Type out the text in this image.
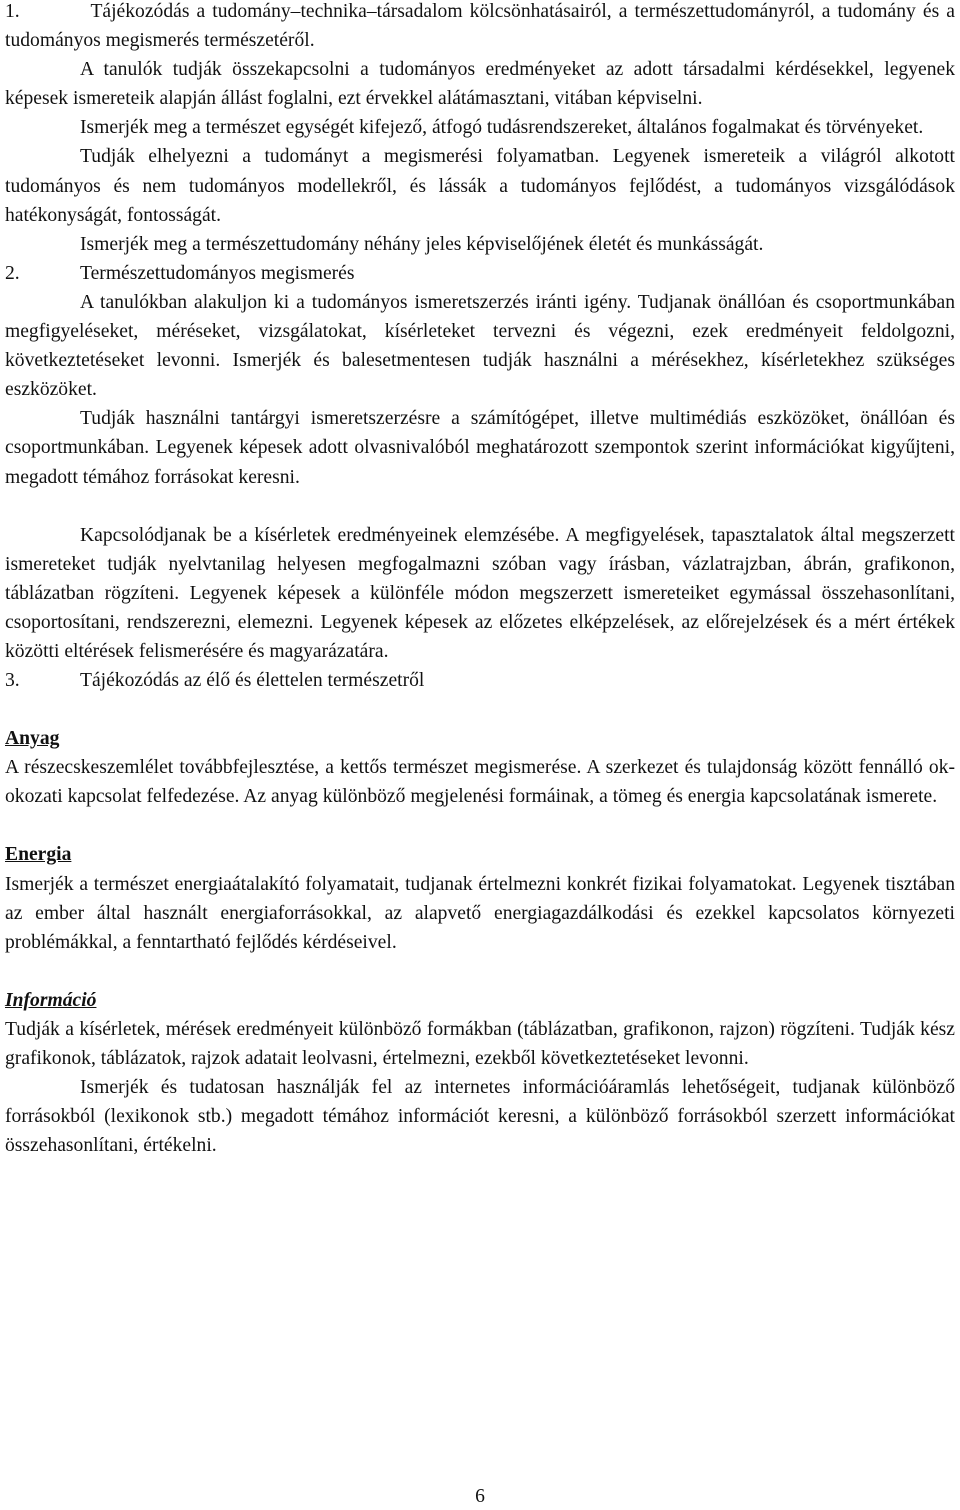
1.	Tájékozódás a tudomány–technika–társadalom kölcsönhatásairól, a természettudományról, a tudomány és a tudományos megismerés természetéről.

A tanulók tudják összekapcsolni a tudományos eredményeket az adott társadalmi kérdésekkel, legyenek képesek ismereteik alapján állást foglalni, ezt érvekkel alátámasztani, vitában képviselni.

Ismerjék meg a természet egységét kifejező, átfogó tudásrendszereket, általános fogalmakat és törvényeket.

Tudják elhelyezni a tudományt a megismerési folyamatban. Legyenek ismereteik a világról alkotott tudományos és nem tudományos modellekről, és lássák a tudományos fejlődést, a tudományos vizsgálódások hatékonyságát, fontosságát.

Ismerjék meg a természettudomány néhány jeles képviselőjének életét és munkásságát.

2.	Természettudományos megismerés

A tanulókban alakuljon ki a tudományos ismeretszerzés iránti igény. Tudjanak önállóan és csoportmunkában megfigyeléseket, méréseket, vizsgálatokat, kísérleteket tervezni és végezni, ezek eredményeit feldolgozni, következtetéseket levonni. Ismerjék és balesetmentesen tudják használni a mérésekhez, kísérletekhez szükséges eszközöket.

Tudják használni tantárgyi ismeretszerzésre a számítógépet, illetve multimédiás eszközöket, önállóan és csoportmunkában. Legyenek képesek adott olvasnivalóból meghatározott szempontok szerint információkat kigyűjteni, megadott témához forrásokat keresni.

Kapcsolódjanak be a kísérletek eredményeinek elemzésébe. A megfigyelések, tapasztalatok által megszerzett ismereteket tudják nyelvtanilag helyesen megfogalmazni szóban vagy írásban, vázlatrajzban, ábrán, grafikonon, táblázatban rögzíteni. Legyenek képesek a különféle módon megszerzett ismereteiket egymással összehasonlítani, csoportosítani, rendszerezni, elemezni. Legyenek képesek az előzetes elképzelések, az előrejelzések és a mért értékek közötti eltérések felismerésére és magyarázatára.

3.	Tájékozódás az élő és élettelen természetről

Anyag

A részecskeszemlélet továbbfejlesztése, a kettős természet megismerése. A szerkezet és tulajdonság között fennálló ok-okozati kapcsolat felfedezése. Az anyag különböző megjelenési formáinak, a tömeg és energia kapcsolatának ismerete.

Energia

Ismerjék a természet energiaátalakító folyamatait, tudjanak értelmezni konkrét fizikai folyamatokat. Legyenek tisztában az ember által használt energiaforrásokkal, az alapvető energiagazdálkodási és ezekkel kapcsolatos környezeti problémákkal, a fenntartható fejlődés kérdéseivel.

Információ

Tudják a kísérletek, mérések eredményeit különböző formákban (táblázatban, grafikonon, rajzon) rögzíteni. Tudják kész grafikonok, táblázatok, rajzok adatait leolvasni, értelmezni, ezekből következtetéseket levonni.

Ismerjék és tudatosan használják fel az internetes információáramlás lehetőségeit, tudjanak különböző forrásokból (lexikonok stb.) megadott témához információt keresni, a különböző forrásokból szerzett információkat összehasonlítani, értékelni.

6
